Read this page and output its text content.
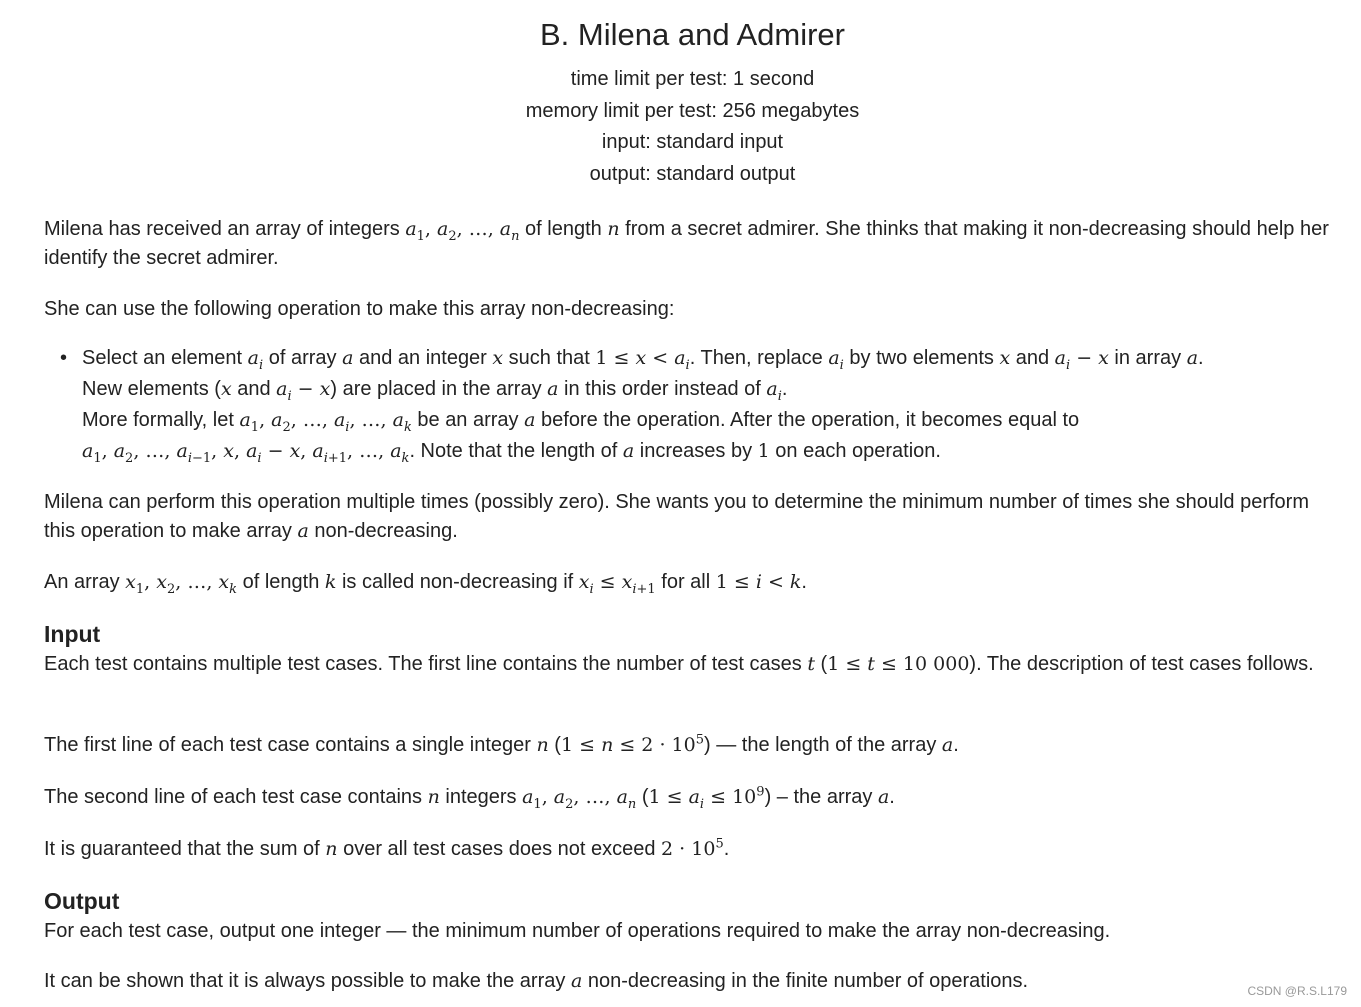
B. Milena and Admirer
time limit per test: 1 second
memory limit per test: 256 megabytes
input: standard input
output: standard output

Milena has received an array of integers $a_1$, $a_2$, …, $a_n$ of length n from a secret admirer. She thinks that making it non-decreasing should help her identify the secret admirer.

She can use the following operation to make this array non-decreasing:

• Select an element $a_i$ of array a and an integer x such that $1 \le x < a_i$. Then, replace $a_i$ by two elements x and $a_i - x$ in array a.
New elements (x and $a_i - x$) are placed in the array a in this order instead of $a_i$.
More formally, let $a_1$, $a_2$, …, $a_i$, …, $a_k$ be an array a before the operation. After the operation, it becomes equal to
$a_1$, $a_2$, …, $a_{i-1}$, x, $a_i - x$, $a_{i+1}$, …, $a_k$. Note that the length of a increases by 1 on each operation.

Milena can perform this operation multiple times (possibly zero). She wants you to determine the minimum number of times she should perform this operation to make array a non-decreasing.

An array $x_1$, $x_2$, …, $x_k$ of length k is called non-decreasing if $x_i \le x_{i+1}$ for all 1 ≤ i < k.

Input

Each test contains multiple test cases. The first line contains the number of test cases t (1 ≤ t ≤ 10 000). The description of test cases follows.

The first line of each test case contains a single integer n $(1 \le n \le 2 \cdot 10^5)$ — the length of the array a.

The second line of each test case contains n integers $a_1$, $a_2$, …, $a_n$ $(1 \le a_i \le 10^9)$ – the array a.

It is guaranteed that the sum of n over all test cases does not exceed $2 \cdot 10^5$.

Output

For each test case, output one integer — the minimum number of operations required to make the array non-decreasing.

It can be shown that it is always possible to make the array a non-decreasing in the finite number of operations.	CSDN @R.S.L179
